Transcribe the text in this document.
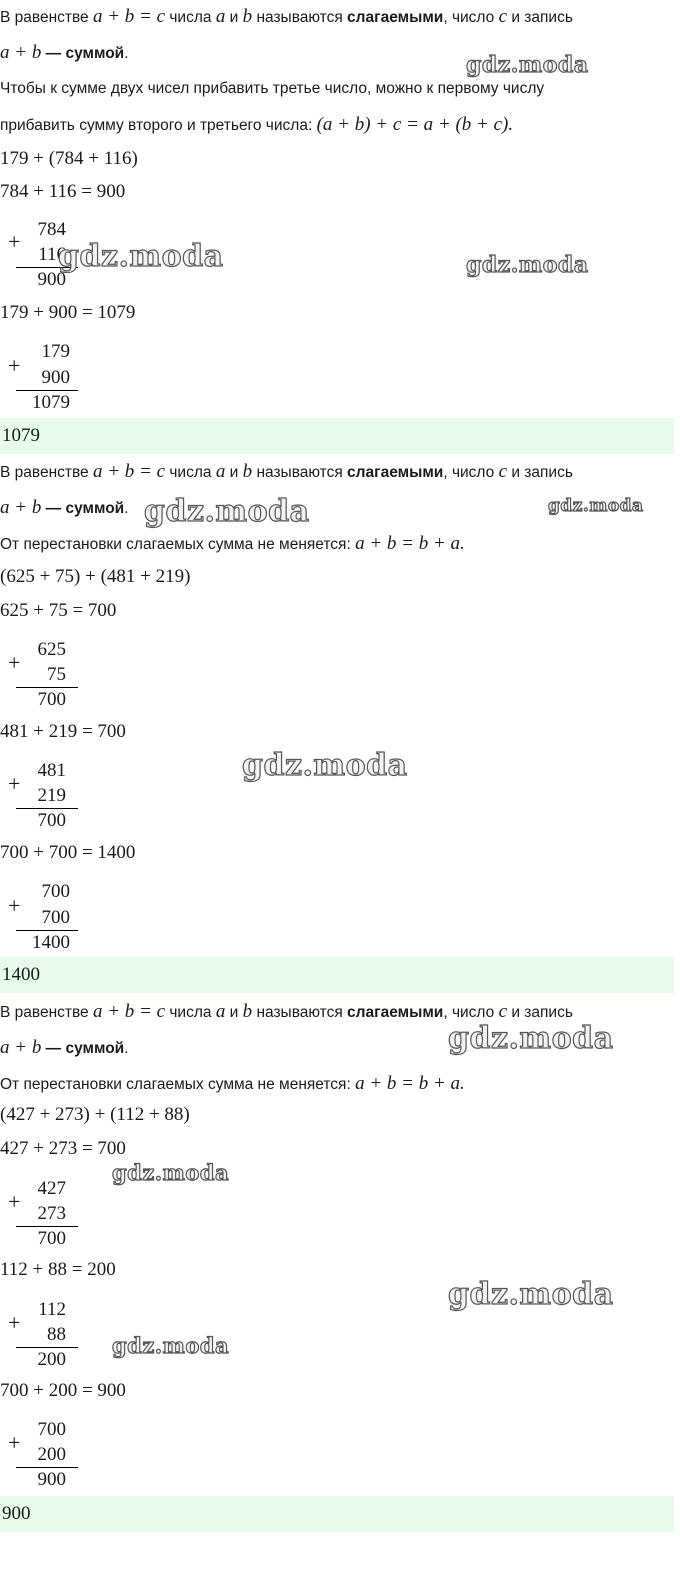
В равенстве a + b = c числа a и b называются слагаемыми, число c и запись
a + b — суммой.
Чтобы к сумме двух чисел прибавить третье число, можно к первому числу
прибавить сумму второго и третьего числа: (a + b) + c = a + (b + c).
179 + (784 + 116)
784 + 116 = 900
+ 784
116
900
179 + 900 = 1079
+
179
900
1079
1079
В равенстве a + b = c числа a и b называются слагаемыми, число c и запись
a + b — суммой.
От перестановки слагаемых сумма не меняется: a + b = b + a.
(625 + 75) + (481 + 219)
625 + 75 = 700
+
625
75
700
481 + 219 = 700
+
481
219
700
700 + 700 = 1400
+
700
700
1400
1400
В равенстве a + b = c числа a и b называются слагаемыми, число c и запись
a + b — суммой.
От перестановки слагаемых сумма не меняется: a + b = b + a.
(427 + 273) + (112 + 88)
427 + 273 = 700
+
427
273
700
112 + 88 = 200
+
112
88
200
700 + 200 = 900
+
700
200
900
900
gdz.moda
gdz.moda	gdz.moda
gdz.moda
gdz.moda
gdz.moda
gdz.moda
gdz.moda
gdz.moda
gdz.moda
